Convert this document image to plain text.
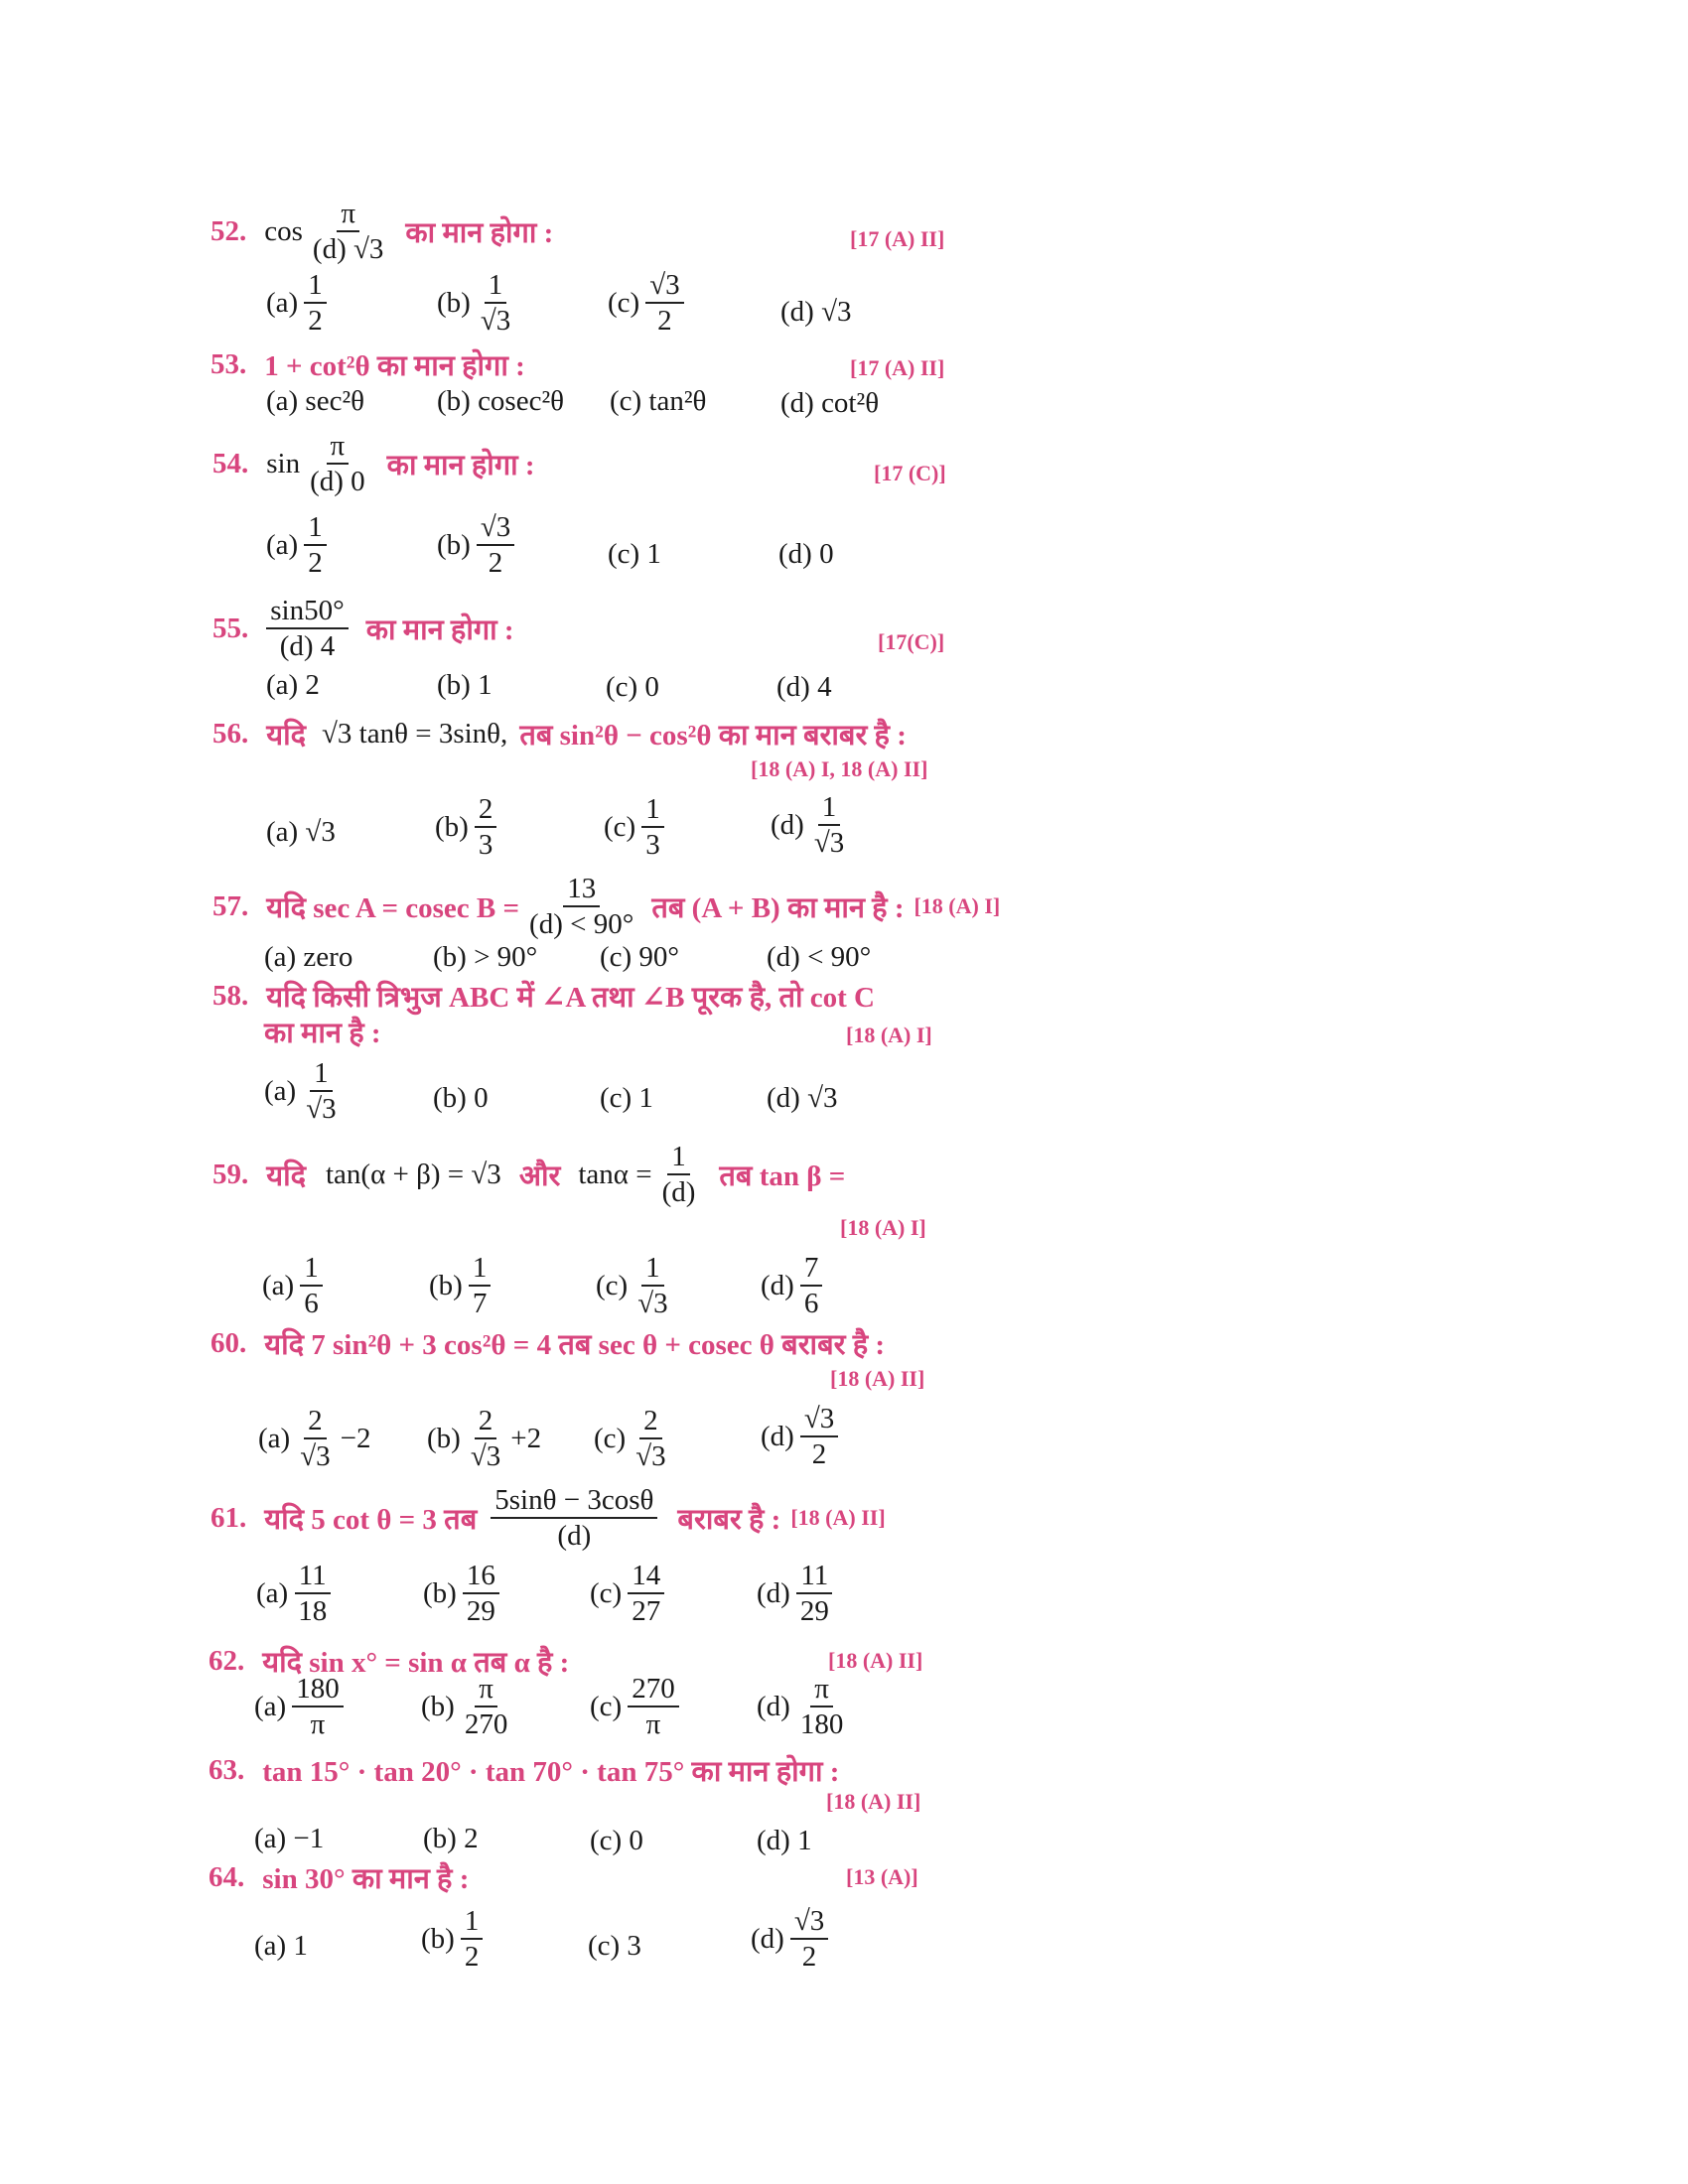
52. $\cos \frac{\pi}{(d) √3}$ का मान होगा :	[17 (A) II]
$(a) \frac{1}{2}$	$(b) \frac{1}{√3}$	$(c) \frac{√3}{2}$	(d) √3
53. 1 + cot²θ का मान होगा :	[17 (A) II]
(a) sec²θ	(b) cosec²θ (c) tan²θ	(d) cot²θ
54. $\sin \frac{\pi}{(d) 0}$ का मान होगा :	[17 (C)]
$(a) \frac{1}{2}$	$(b) \frac{√3}{2}$	(c) 1	(d) 0
55. $\frac{\sin 50^\circ}{(d) 4}$ का मान होगा :	[17(C)]
(a) 2	(b) 1	(c) 0	(d) 4
56. यदि √3 tanθ = 3sinθ, तब sin²θ − cos²θ का मान बराबर है :
[18 (A) I, 18 (A) II]
(a) √3	$(b) \frac{2}{3}$	$(c) \frac{1}{3}$	$(d) \frac{1}{√3}$
57. यदि sec A = cosec $B = \frac{13}{(d) < 90^\circ}$ तब (A + B) का मान है : [18 (A) I]
(a) zero	(b) > 90° (c) 90°	(d) < 90°
58. यदि किसी त्रिभुज ABC में ∠A तथा ∠B पूरक है, तो cot C
का मान है :	[18 (A) I]
$(a) \frac{1}{√3}$	(b) 0	(c) 1	(d) √3
59. यदि tan(α + β) = √3 और $\tan\alpha = \frac{1}{(d)}$ तब tan β =
[18 (A) I]
$(a) \frac{1}{6}$	$(b) \frac{1}{7}$	$(c) \frac{1}{√3}$	$(d) \frac{7}{6}$
60. यदि 7 sin²θ + 3 cos²θ = 4 तब sec θ + cosec θ बराबर है :
[18 (A) II]
$(a) \frac{2}{√3} -2$ $(b) \frac{2}{√3} +2$ $(c) \frac{2}{√3}$	$(d) \frac{√3}{2}$
61. यदि 5 cot θ = 3 तब $\frac{5\sin\theta - 3\cos\theta}{(d)}$ बराबर है : [18 (A) II]
$(a) \frac{11}{18}$	$(b) \frac{16}{29}$	$(c) \frac{14}{27}$	$(d) \frac{11}{29}$
62. यदि sin x° = sin α तब α है :	[18 (A) II]
$(a) \frac{180}{\pi}$	$(b) \frac{\pi}{270}$	$(c) \frac{270}{\pi}$	$(d) \frac{\pi}{180}$
63. tan 15° · tan 20° · tan 70° · tan 75° का मान होगा :
[18 (A) II]
(a) −1	(b) 2	(c) 0	(d) 1
64. sin 30° का मान है :	[13 (A)]
(a) 1	$(b) \frac{1}{2}$	(c) 3	$(d) \frac{√3}{2}$
